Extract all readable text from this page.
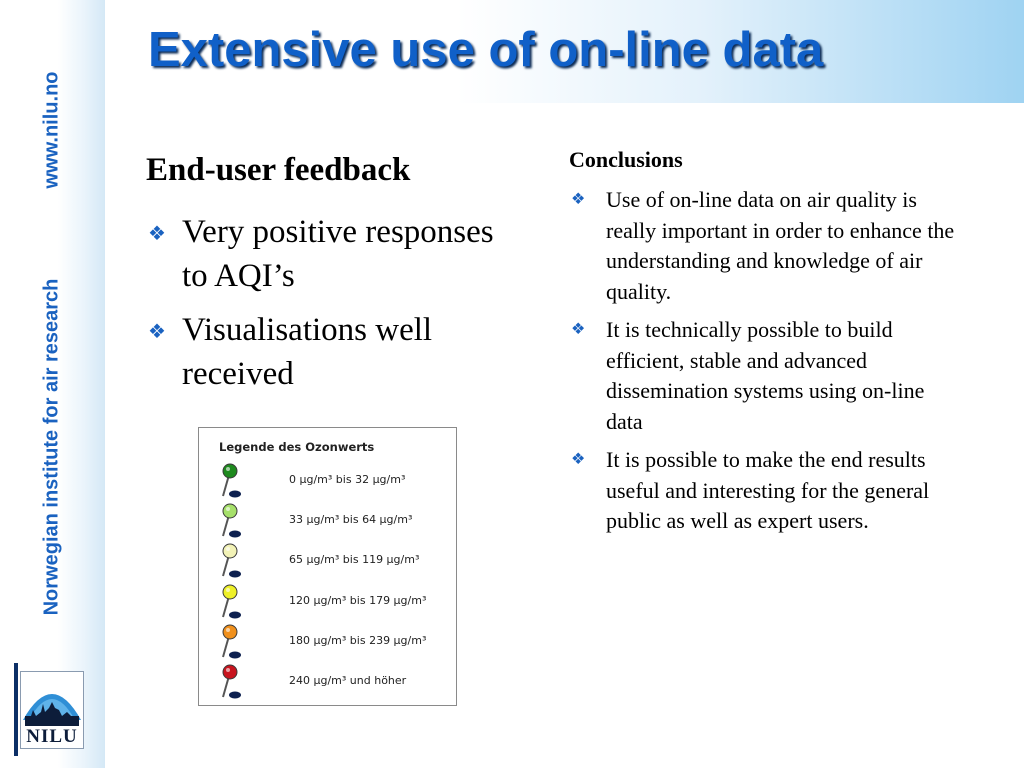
www.nilu.no
Norwegian institute for air research
NILU
Extensive use of on-line data
End-user feedback
❖ Very positive responses to AQI’s
❖ Visualisations well received
Legende des Ozonwerts
0 µg/m³ bis 32 µg/m³
33 µg/m³ bis 64 µg/m³
65 µg/m³ bis 119 µg/m³
120 µg/m³ bis 179 µg/m³
180 µg/m³ bis 239 µg/m³
240 µg/m³ und höher
Conclusions
❖ Use of on-line data on air quality is really important in order to enhance the understanding and knowledge of air quality.
❖ It is technically possible to build efficient, stable and advanced dissemination systems using on-line data
❖ It is possible to make the end results useful and interesting for the general public as well as expert users.
